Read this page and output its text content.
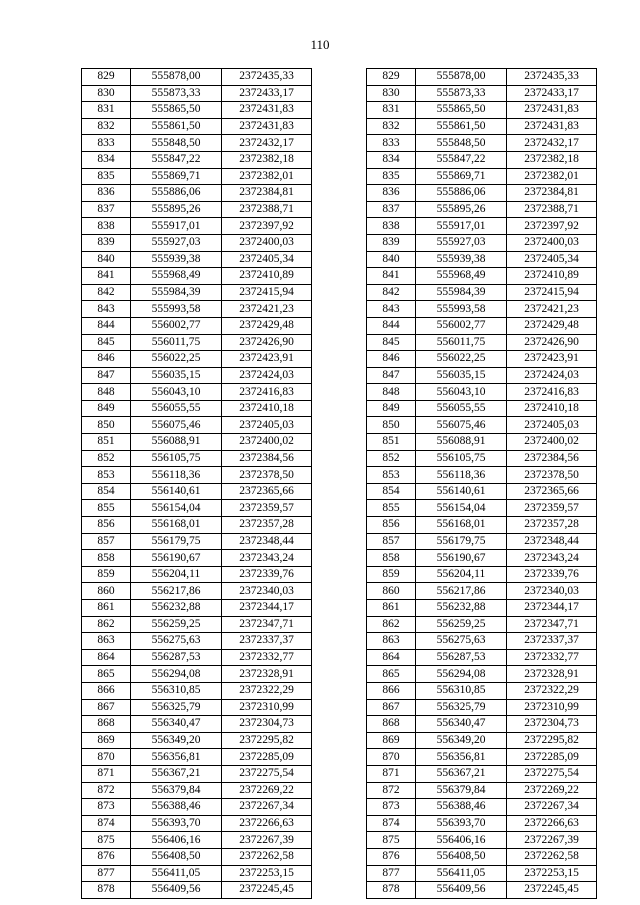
110
829	555878,00	2372435,33		829	555878,00	2372435,33
830	555873,33	2372433,17		830	555873,33	2372433,17
831	555865,50	2372431,83		831	555865,50	2372431,83
832	555861,50	2372431,83		832	555861,50	2372431,83
833	555848,50	2372432,17		833	555848,50	2372432,17
834	555847,22	2372382,18		834	555847,22	2372382,18
835	555869,71	2372382,01		835	555869,71	2372382,01
836	555886,06	2372384,81		836	555886,06	2372384,81
837	555895,26	2372388,71		837	555895,26	2372388,71
838	555917,01	2372397,92		838	555917,01	2372397,92
839	555927,03	2372400,03		839	555927,03	2372400,03
840	555939,38	2372405,34		840	555939,38	2372405,34
841	555968,49	2372410,89		841	555968,49	2372410,89
842	555984,39	2372415,94		842	555984,39	2372415,94
843	555993,58	2372421,23		843	555993,58	2372421,23
844	556002,77	2372429,48		844	556002,77	2372429,48
845	556011,75	2372426,90		845	556011,75	2372426,90
846	556022,25	2372423,91		846	556022,25	2372423,91
847	556035,15	2372424,03		847	556035,15	2372424,03
848	556043,10	2372416,83		848	556043,10	2372416,83
849	556055,55	2372410,18		849	556055,55	2372410,18
850	556075,46	2372405,03		850	556075,46	2372405,03
851	556088,91	2372400,02		851	556088,91	2372400,02
852	556105,75	2372384,56		852	556105,75	2372384,56
853	556118,36	2372378,50		853	556118,36	2372378,50
854	556140,61	2372365,66		854	556140,61	2372365,66
855	556154,04	2372359,57		855	556154,04	2372359,57
856	556168,01	2372357,28		856	556168,01	2372357,28
857	556179,75	2372348,44		857	556179,75	2372348,44
858	556190,67	2372343,24		858	556190,67	2372343,24
859	556204,11	2372339,76		859	556204,11	2372339,76
860	556217,86	2372340,03		860	556217,86	2372340,03
861	556232,88	2372344,17		861	556232,88	2372344,17
862	556259,25	2372347,71		862	556259,25	2372347,71
863	556275,63	2372337,37		863	556275,63	2372337,37
864	556287,53	2372332,77		864	556287,53	2372332,77
865	556294,08	2372328,91		865	556294,08	2372328,91
866	556310,85	2372322,29		866	556310,85	2372322,29
867	556325,79	2372310,99		867	556325,79	2372310,99
868	556340,47	2372304,73		868	556340,47	2372304,73
869	556349,20	2372295,82		869	556349,20	2372295,82
870	556356,81	2372285,09		870	556356,81	2372285,09
871	556367,21	2372275,54		871	556367,21	2372275,54
872	556379,84	2372269,22		872	556379,84	2372269,22
873	556388,46	2372267,34		873	556388,46	2372267,34
874	556393,70	2372266,63		874	556393,70	2372266,63
875	556406,16	2372267,39		875	556406,16	2372267,39
876	556408,50	2372262,58		876	556408,50	2372262,58
877	556411,05	2372253,15		877	556411,05	2372253,15
878	556409,56	2372245,45		878	556409,56	2372245,45
